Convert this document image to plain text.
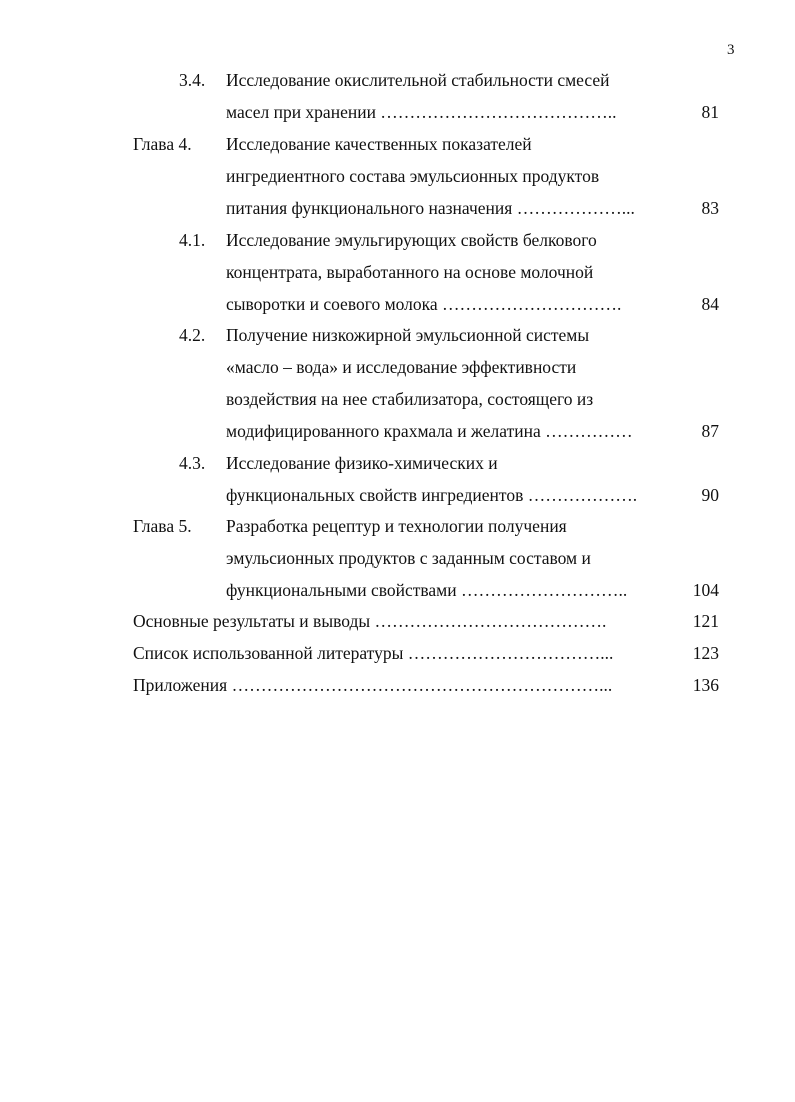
3
3.4. Исследование окислительной стабильности смесей
масел при хранении …………………………………..	81
Глава 4. Исследование качественных показателей
ингредиентного состава эмульсионных продуктов
питания функционального назначения ………………...	83
4.1. Исследование эмульгирующих свойств белкового
концентрата, выработанного на основе молочной
сыворотки и соевого молока ………………………….	84
4.2. Получение низкожирной эмульсионной системы
«масло – вода» и исследование эффективности
воздействия на нее стабилизатора, состоящего из
модифицированного крахмала и желатина ……………	87
4.3. Исследование физико-химических и
функциональных свойств ингредиентов ……………….	90
Глава 5. Разработка рецептур и технологии получения
эмульсионных продуктов с заданным составом и
функциональными свойствами ………………………..	104
Основные результаты и выводы ………………………………….	121
Список использованной литературы ……………………………...	123
Приложения ………………………………………………………...	136
